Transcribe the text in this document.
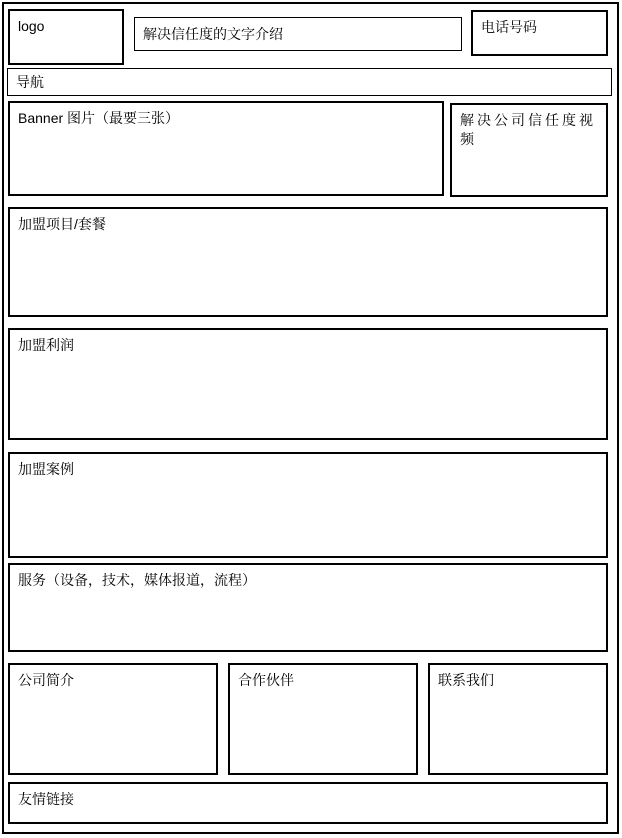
logo	解决信任度的文字介绍	电话号码
导航
Banner 图片（最要三张）	解决公司信任度视频
加盟项目/套餐
加盟利润
加盟案例
服务（设备，技术，媒体报道，流程）
公司简介	合作伙伴	联系我们
友情链接
